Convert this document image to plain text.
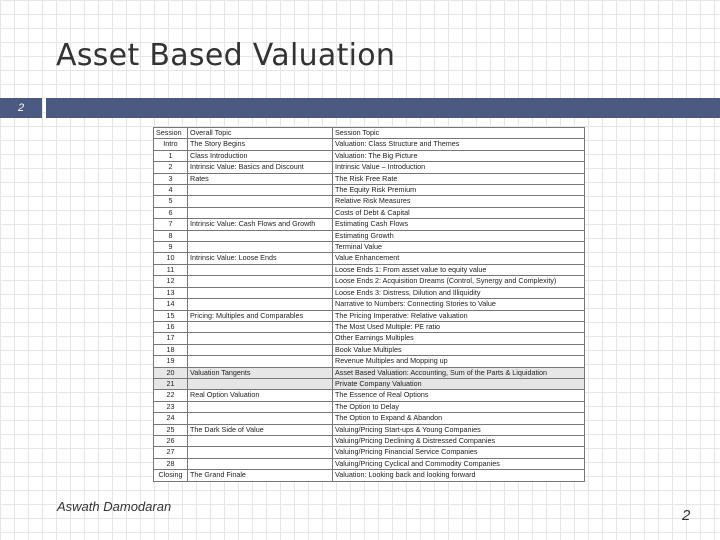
Asset Based Valuation
2
Session	Overall Topic	Session Topic
Intro	The Story Begins	Valuation: Class Structure and Themes
1	Class Introduction	Valuation: The Big Picture
2	Intrinsic Value: Basics and Discount	Intrinsic Value – Introduction
3	Rates	The Risk Free Rate
4		The Equity Risk Premium
5		Relative Risk Measures
6		Costs of Debt & Capital
7	Intrinsic Value: Cash Flows and Growth	Estimating Cash Flows
8		Estimating Growth
9		Terminal Value
10	Intrinsic Value: Loose Ends	Value Enhancement
11		Loose Ends 1: From asset value to equity value
12		Loose Ends 2: Acquisition Dreams (Control, Synergy and Complexity)
13		Loose Ends 3: Distress, Dilution and Illiquidity
14		Narrative to Numbers: Connecting Stories to Value
15	Pricing: Multiples and Comparables	The Pricing Imperative: Relative valuation
16		The Most Used Multiple: PE ratio
17		Other Earnings Multiples
18		Book Value Multiples
19		Revenue Multiples and Mopping up
20	Valuation Tangents	Asset Based Valuation: Accounting, Sum of the Parts & Liquidation
21		Private Company Valuation
22	Real Option Valuation	The Essence of Real Options
23		The Option to Delay
24		The Option to Expand & Abandon
25	The Dark Side of Value	Valuing/Pricing Start-ups & Young Companies
26		Valuing/Pricing Declining & Distressed Companies
27		Valuing/Pricing Financial Service Companies
28		Valuing/Pricing Cyclical and Commodity Companies
Closing	The Grand Finale	Valuation: Looking back and looking forward
Aswath Damodaran
2
